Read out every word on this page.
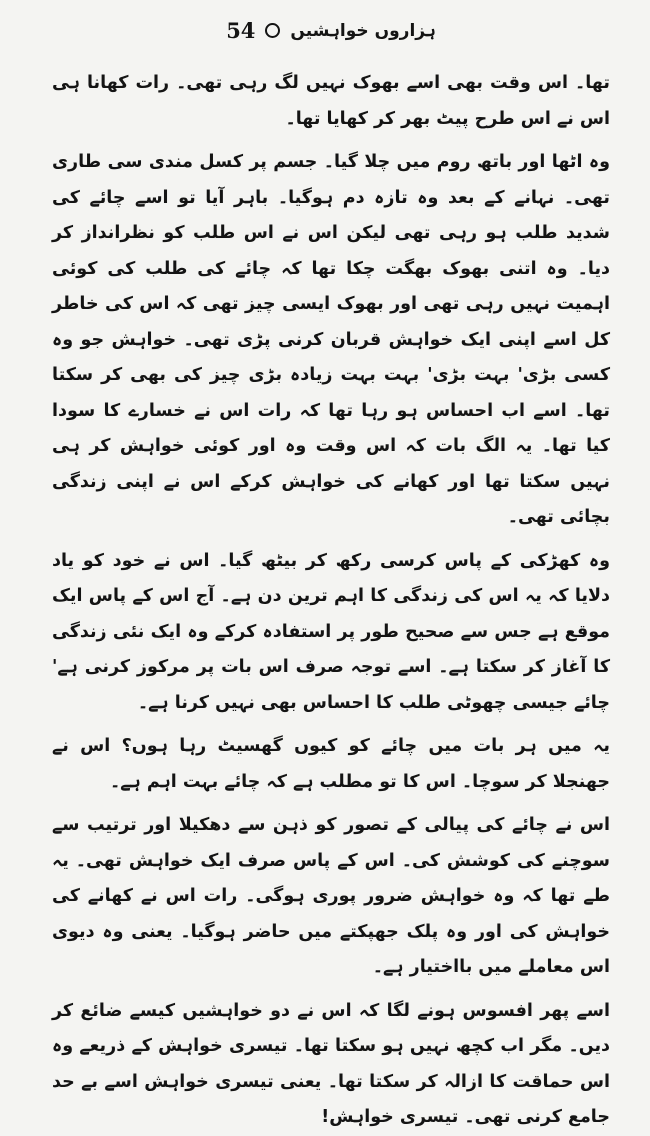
54 ہزاروں خواہشیں

تھا۔ اس وقت بھی اسے بھوک نہیں لگ رہی تھی۔ رات کھانا ہی اس نے اس طرح پیٹ بھر کر کھایا تھا۔

وہ اٹھا اور باتھ روم میں چلا گیا۔ جسم پر کسل مندی سی طاری تھی۔ نہانے کے بعد وہ تازہ دم ہوگیا۔ باہر آیا تو اسے چائے کی شدید طلب ہو رہی تھی لیکن اس نے اس طلب کو نظرانداز کر دیا۔ وہ اتنی بھوک بھگت چکا تھا کہ چائے کی طلب کی کوئی اہمیت نہیں رہی تھی اور بھوک ایسی چیز تھی کہ اس کی خاطر کل اسے اپنی ایک خواہش قربان کرنی پڑی تھی۔ خواہش جو وہ کسی بڑی' بہت بڑی' بہت بہت زیادہ بڑی چیز کی بھی کر سکتا تھا۔ اسے اب احساس ہو رہا تھا کہ رات اس نے خسارے کا سودا کیا تھا۔ یہ الگ بات کہ اس وقت وہ اور کوئی خواہش کر ہی نہیں سکتا تھا اور کھانے کی خواہش کرکے اس نے اپنی زندگی بچائی تھی۔

وہ کھڑکی کے پاس کرسی رکھ کر بیٹھ گیا۔ اس نے خود کو یاد دلایا کہ یہ اس کی زندگی کا اہم ترین دن ہے۔ آج اس کے پاس ایک موقع ہے جس سے صحیح طور پر استفادہ کرکے وہ ایک نئی زندگی کا آغاز کر سکتا ہے۔ اسے توجہ صرف اس بات پر مرکوز کرنی ہے' چائے جیسی چھوٹی طلب کا احساس بھی نہیں کرنا ہے۔

یہ میں ہر بات میں چائے کو کیوں گھسیٹ رہا ہوں؟ اس نے جھنجلا کر سوچا۔ اس کا تو مطلب ہے کہ چائے بہت اہم ہے۔

اس نے چائے کی پیالی کے تصور کو ذہن سے دھکیلا اور ترتیب سے سوچنے کی کوشش کی۔ اس کے پاس صرف ایک خواہش تھی۔ یہ طے تھا کہ وہ خواہش ضرور پوری ہوگی۔ رات اس نے کھانے کی خواہش کی اور وہ پلک جھپکتے میں حاضر ہوگیا۔ یعنی وہ دیوی اس معاملے میں بااختیار ہے۔

اسے پھر افسوس ہونے لگا کہ اس نے دو خواہشیں کیسے ضائع کر دیں۔ مگر اب کچھ نہیں ہو سکتا تھا۔ تیسری خواہش کے ذریعے وہ اس حماقت کا ازالہ کر سکتا تھا۔ یعنی تیسری خواہش اسے بے حد جامع کرنی تھی۔ تیسری خواہش!
